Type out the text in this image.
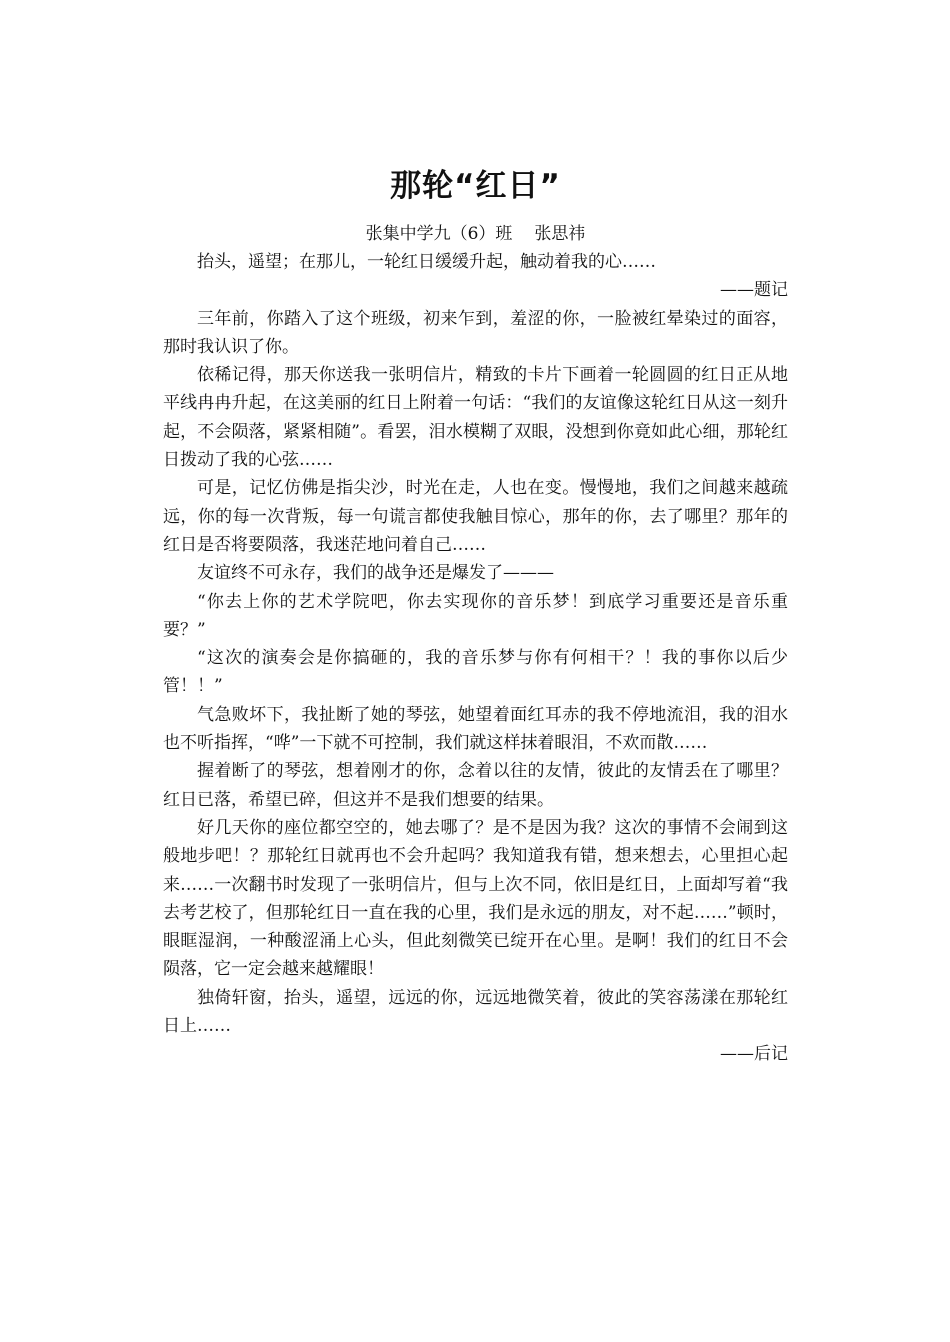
那轮“红日”
张集中学九（6）班 张思祎

抬头，遥望；在那儿，一轮红日缓缓升起，触动着我的心……

——题记

三年前，你踏入了这个班级，初来乍到，羞涩的你，一脸被红晕染过的面容，那时我认识了你。

依稀记得，那天你送我一张明信片，精致的卡片下画着一轮圆圆的红日正从地平线冉冉升起，在这美丽的红日上附着一句话：“我们的友谊像这轮红日从这一刻升起，不会陨落，紧紧相随”。看罢，泪水模糊了双眼，没想到你竟如此心细，那轮红日拨动了我的心弦……

可是，记忆仿佛是指尖沙，时光在走，人也在变。慢慢地，我们之间越来越疏远，你的每一次背叛，每一句谎言都使我触目惊心，那年的你，去了哪里？那年的红日是否将要陨落，我迷茫地问着自己……

友谊终不可永存，我们的战争还是爆发了———

“你去上你的艺术学院吧，你去实现你的音乐梦！到底学习重要还是音乐重要？”

“这次的演奏会是你搞砸的，我的音乐梦与你有何相干？！我的事你以后少管！！”

气急败坏下，我扯断了她的琴弦，她望着面红耳赤的我不停地流泪，我的泪水也不听指挥，“哗”一下就不可控制，我们就这样抹着眼泪，不欢而散……

握着断了的琴弦，想着刚才的你，念着以往的友情，彼此的友情丢在了哪里？红日已落，希望已碎，但这并不是我们想要的结果。

好几天你的座位都空空的，她去哪了？是不是因为我？这次的事情不会闹到这般地步吧！？那轮红日就再也不会升起吗？我知道我有错，想来想去，心里担心起来……一次翻书时发现了一张明信片，但与上次不同，依旧是红日，上面却写着“我去考艺校了，但那轮红日一直在我的心里，我们是永远的朋友，对不起……”顿时，眼眶湿润，一种酸涩涌上心头，但此刻微笑已绽开在心里。是啊！我们的红日不会陨落，它一定会越来越耀眼！

独倚轩窗，抬头，遥望，远远的你，远远地微笑着，彼此的笑容荡漾在那轮红日上……

——后记
